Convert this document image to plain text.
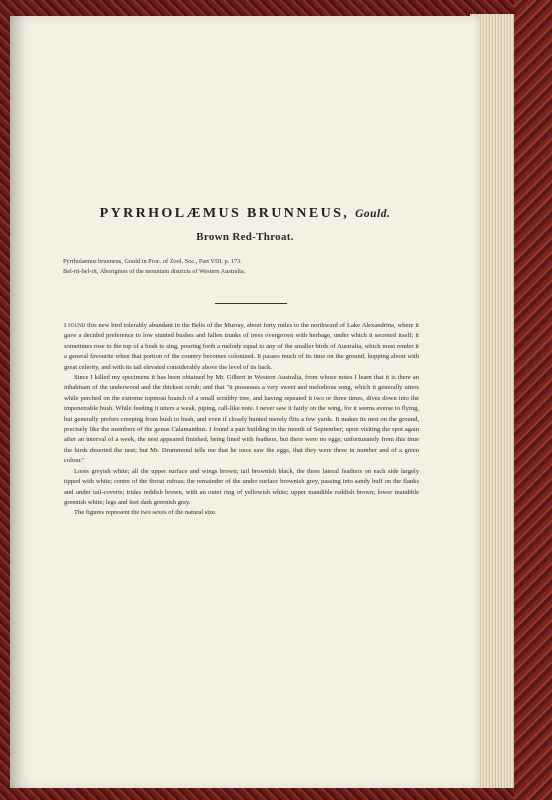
PYRRHOLÆMUS BRUNNEUS, Gould.
Brown Red-Throat.
Pyrrholæmus brunneus, Gould in Proc. of Zool. Soc., Part VIII. p. 173.
Bel-rit-bel-rit, Aborigines of the mountain districts of Western Australia.

I found this new bird tolerably abundant in the Belts of the Murray, about forty miles to the northward of Lake Alexandrina, where it gave a decided preference to low stunted bushes and fallen trunks of trees overgrown with herbage, under which it secreted itself; it sometimes rose to the top of a bush to sing, pouring forth a melody equal to any of the smaller birds of Australia, which must render it a general favourite when that portion of the country becomes colonized. It passes much of its time on the ground, hopping about with great celerity, and with its tail elevated considerably above the level of its back.

Since I killed my specimens it has been obtained by Mr. Gilbert in Western Australia, from whose notes I learn that it is there an inhabitant of the underwood and the thickest scrub; and that "it possesses a very sweet and melodious song, which it generally utters while perched on the extreme topmost branch of a small scrubby tree, and having repeated it two or three times, dives down into the impenetrable bush. While feeding it utters a weak, piping, call-like note. I never saw it fairly on the wing, for it seems averse to flying, but generally prefers creeping from bush to bush, and even if closely hunted merely flits a few yards. It makes its nest on the ground, precisely like the members of the genus Calamanthus. I found a pair building in the month of September; upon visiting the spot again after an interval of a week, the nest appeared finished, being lined with feathers, but there were no eggs; unfortunately from this time the birds deserted the nest; but Mr. Drummond tells me that he once saw the eggs, that they were three in number and of a green colour."

Lores greyish white; all the upper surface and wings brown; tail brownish black, the three lateral feathers on each side largely tipped with white; centre of the throat rufous; the remainder of the under surface brownish grey, passing into sandy buff on the flanks and under tail-coverts; irides reddish brown, with an outer ring of yellowish white; upper mandible reddish brown; lower mandible greenish white; legs and feet dark greenish grey.

The figures represent the two sexes of the natural size.
